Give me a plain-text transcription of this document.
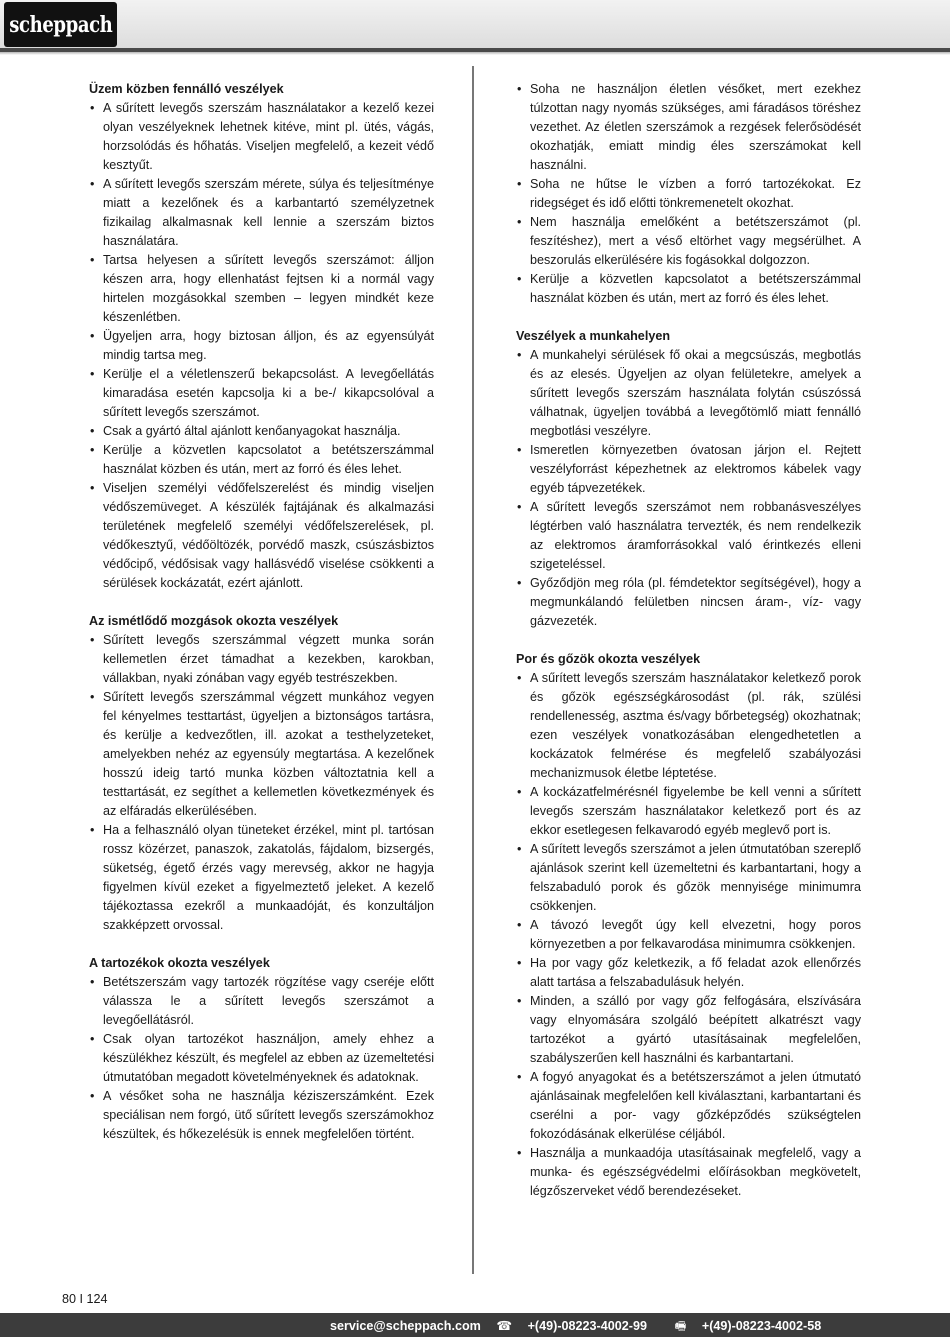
scheppach
Üzem közben fennálló veszélyek
• A sűrített levegős szerszám használatakor a kezelő kezei olyan veszélyeknek lehetnek kitéve, mint pl. ütés, vágás, horzsolódás és hőhatás. Viseljen megfelelő, a kezeit védő kesztyűt.
• A sűrített levegős szerszám mérete, súlya és teljesítménye miatt a kezelőnek és a karbantartó személyzetnek fizikailag alkalmasnak kell lennie a szerszám biztos használatára.
• Tartsa helyesen a sűrített levegős szerszámot: álljon készen arra, hogy ellenhatást fejtsen ki a normál vagy hirtelen mozgásokkal szemben – legyen mindkét keze készenlétben.
• Ügyeljen arra, hogy biztosan álljon, és az egyensúlyát mindig tartsa meg.
• Kerülje el a véletlenszerű bekapcsolást. A levegőellátás kimaradása esetén kapcsolja ki a be-/ kikapcsolóval a sűrített levegős szerszámot.
• Csak a gyártó által ajánlott kenőanyagokat használja.
• Kerülje a közvetlen kapcsolatot a betétszerszámmal használat közben és után, mert az forró és éles lehet.
• Viseljen személyi védőfelszerelést és mindig viseljen védőszemüveget. A készülék fajtájának és alkalmazási területének megfelelő személyi védőfelszerelések, pl. védőkesztyű, védőöltözék, porvédő maszk, csúszásbiztos védőcipő, védősisak vagy hallásvédő viselése csökkenti a sérülések kockázatát, ezért ajánlott.
Az ismétlődő mozgások okozta veszélyek
• Sűrített levegős szerszámmal végzett munka során kellemetlen érzet támadhat a kezekben, karokban, vállakban, nyaki zónában vagy egyéb testrészekben.
• Sűrített levegős szerszámmal végzett munkához vegyen fel kényelmes testtartást, ügyeljen a biztonságos tartásra, és kerülje a kedvezőtlen, ill. azokat a testhelyzeteket, amelyekben nehéz az egyensúly megtartása. A kezelőnek hosszú ideig tartó munka közben változtatnia kell a testtartását, ez segíthet a kellemetlen következmények és az elfáradás elkerülésében.
• Ha a felhasználó olyan tüneteket érzékel, mint pl. tartósan rossz közérzet, panaszok, zakatolás, fájdalom, bizsergés, süketség, égető érzés vagy merevség, akkor ne hagyja figyelmen kívül ezeket a figyelmeztető jeleket. A kezelő tájékoztassa ezekről a munkaadóját, és konzultáljon szakképzett orvossal.
A tartozékok okozta veszélyek
• Betétszerszám vagy tartozék rögzítése vagy cseréje előtt válassza le a sűrített levegős szerszámot a levegőellátásról.
• Csak olyan tartozékot használjon, amely ehhez a készülékhez készült, és megfelel az ebben az üzemeltetési útmutatóban megadott követelményeknek és adatoknak.
• A vésőket soha ne használja kéziszerszámként. Ezek speciálisan nem forgó, ütő sűrített levegős szerszámokhoz készültek, és hőkezelésük is ennek megfelelően történt.
• Soha ne használjon életlen vésőket, mert ezekhez túlzottan nagy nyomás szükséges, ami fáradásos töréshez vezethet. Az életlen szerszámok a rezgések felerősödését okozhatják, emiatt mindig éles szerszámokat kell használni.
• Soha ne hűtse le vízben a forró tartozékokat. Ez ridegséget és idő előtti tönkremenetelt okozhat.
• Nem használja emelőként a betétszerszámot (pl. feszítéshez), mert a véső eltörhet vagy megsérülhet. A beszorulás elkerülésére kis fogásokkal dolgozzon.
• Kerülje a közvetlen kapcsolatot a betétszerszámmal használat közben és után, mert az forró és éles lehet.
Veszélyek a munkahelyen
• A munkahelyi sérülések fő okai a megcsúszás, megbotlás és az elesés. Ügyeljen az olyan felületekre, amelyek a sűrített levegős szerszám használata folytán csúszóssá válhatnak, ügyeljen továbbá a levegőtömlő miatt fennálló megbotlási veszélyre.
• Ismeretlen környezetben óvatosan járjon el. Rejtett veszélyforrást képezhetnek az elektromos kábelek vagy egyéb tápvezetékek.
• A sűrített levegős szerszámot nem robbanásveszélyes légtérben való használatra tervezték, és nem rendelkezik az elektromos áramforrásokkal való érintkezés elleni szigeteléssel.
• Győződjön meg róla (pl. fémdetektor segítségével), hogy a megmunkálandó felületben nincsen áram-, víz- vagy gázvezeték.
Por és gőzök okozta veszélyek
• A sűrített levegős szerszám használatakor keletkező porok és gőzök egészségkárosodást (pl. rák, szülési rendellenesség, asztma és/vagy bőrbetegség) okozhatnak; ezen veszélyek vonatkozásában elengedhetetlen a kockázatok felmérése és megfelelő szabályozási mechanizmusok életbe léptetése.
• A kockázatfelmérésnél figyelembe be kell venni a sűrített levegős szerszám használatakor keletkező port és az ekkor esetlegesen felkavarodó egyéb meglevő port is.
• A sűrített levegős szerszámot a jelen útmutatóban szereplő ajánlások szerint kell üzemeltetni és karbantartani, hogy a felszabaduló porok és gőzök mennyisége minimumra csökkenjen.
• A távozó levegőt úgy kell elvezetni, hogy poros környezetben a por felkavarodása minimumra csökkenjen.
• Ha por vagy gőz keletkezik, a fő feladat azok ellenőrzés alatt tartása a felszabadulásuk helyén.
• Minden, a szálló por vagy gőz felfogására, elszívására vagy elnyomására szolgáló beépített alkatrészt vagy tartozékot a gyártó utasításainak megfelelően, szabályszerűen kell használni és karbantartani.
• A fogyó anyagokat és a betétszerszámot a jelen útmutató ajánlásainak megfelelően kell kiválasztani, karbantartani és cserélni a por- vagy gőzképződés szükségtelen fokozódásának elkerülése céljából.
• Használja a munkaadója utasításainak megfelelő, vagy a munka- és egészségvédelmi előírásokban megkövetelt, légzőszerveket védő berendezéseket.
80 I 124
service@scheppach.com ☎ +(49)-08223-4002-99 🖷 +(49)-08223-4002-58
